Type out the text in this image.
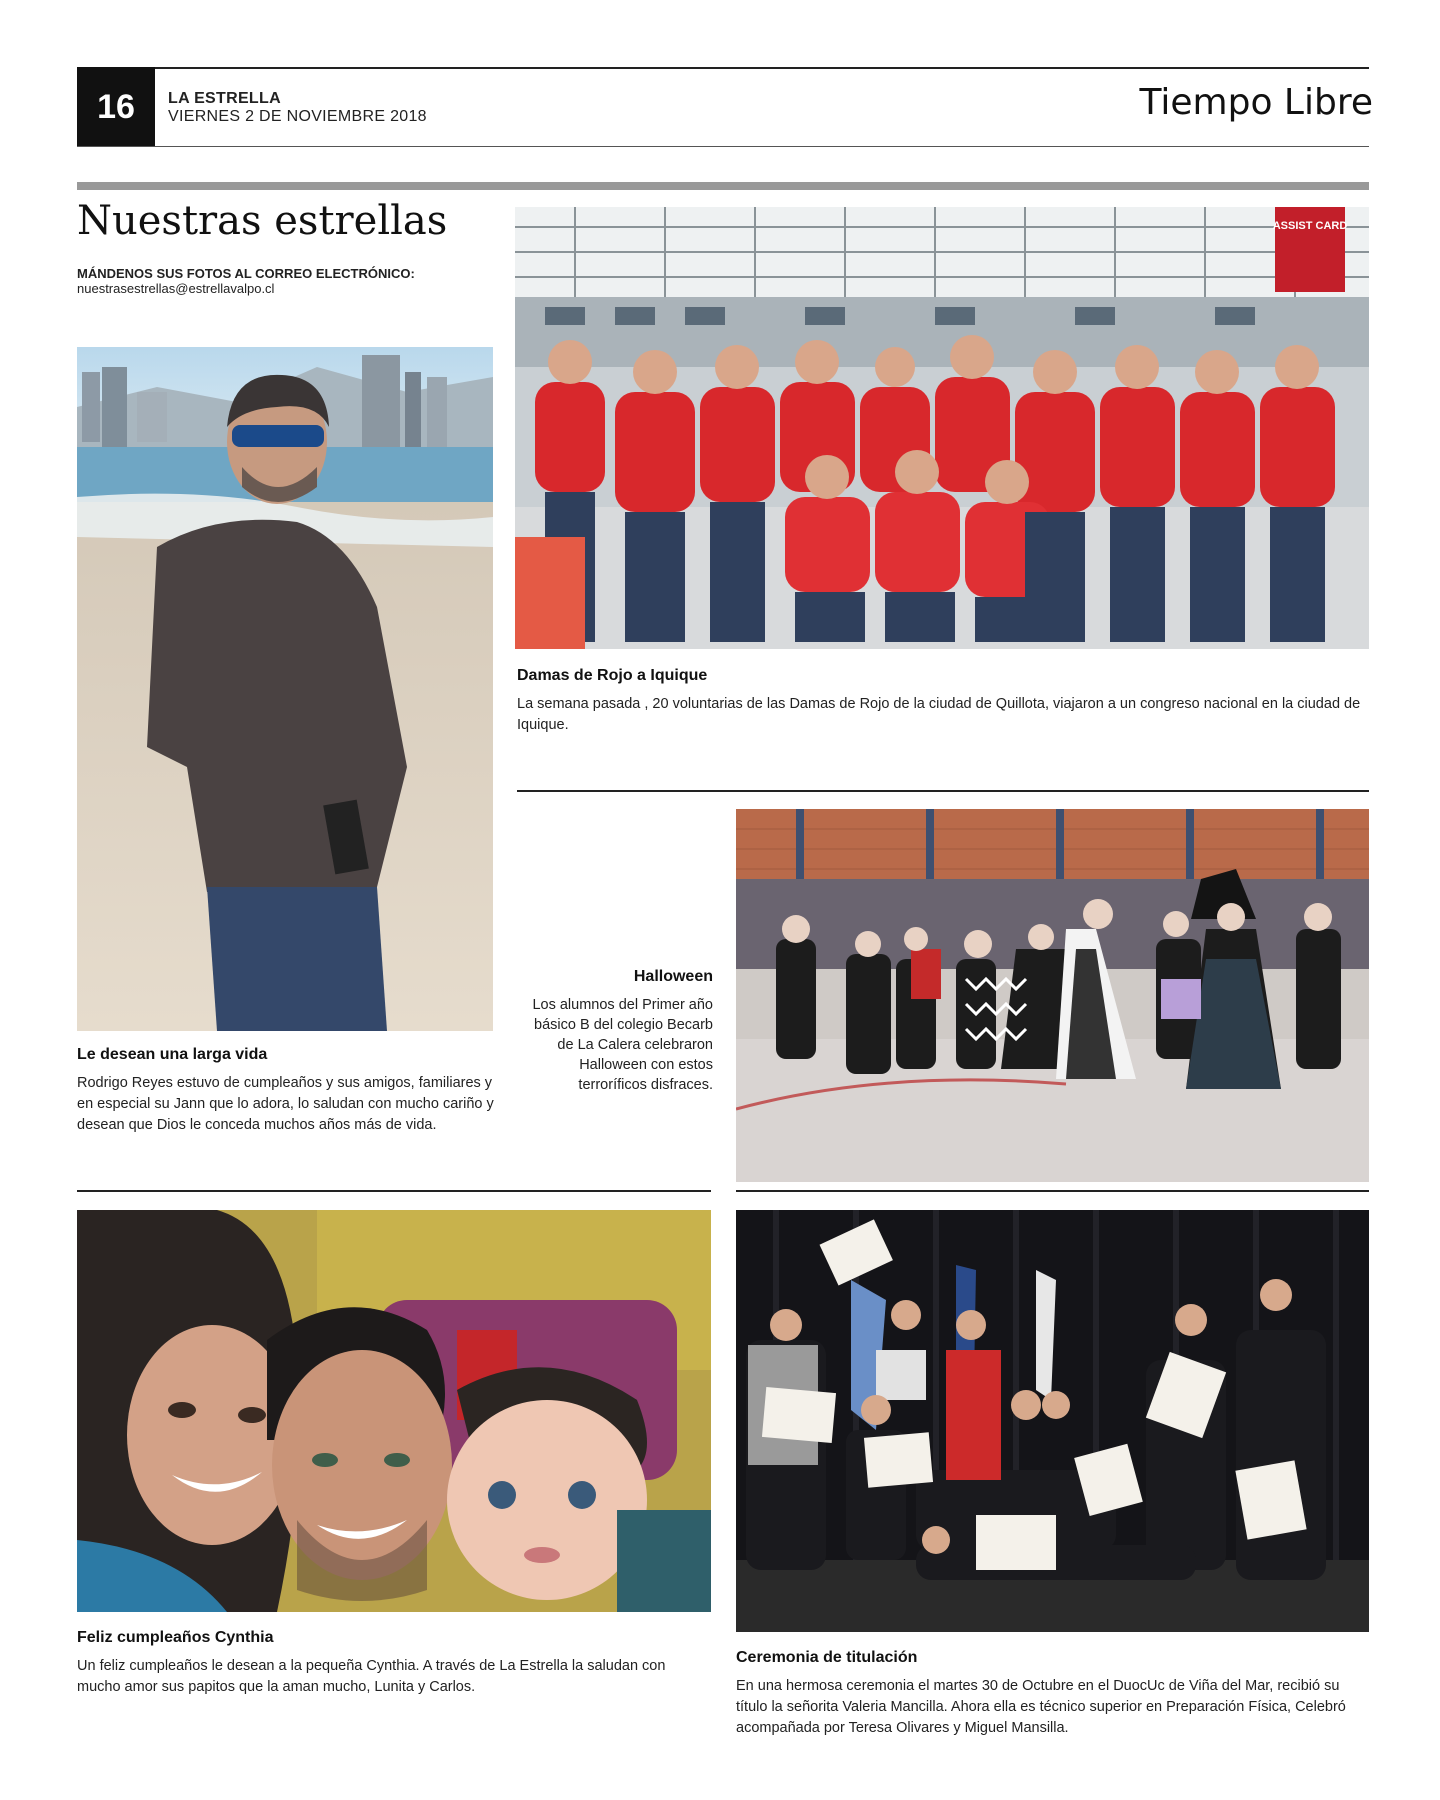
16	LA ESTRELLA
VIERNES 2 DE NOVIEMBRE 2018	Tiempo Libre
Nuestras estrellas
MÁNDENOS SUS FOTOS AL CORREO ELECTRÓNICO:
nuestrasestrellas@estrellavalpo.cl
Le desean una larga vida
Rodrigo Reyes estuvo de cumpleaños y sus amigos, familiares y en especial su Jann que lo adora, lo saludan con mucho cariño y desean que Dios le conceda muchos años más de vida.
ASSIST CARD
Damas de Rojo a Iquique
La semana pasada , 20 voluntarias de las Damas de Rojo de la ciudad de Quillota, viajaron a un congreso nacional en la ciudad de Iquique.
Halloween
Los alumnos del Primer año básico B del colegio Becarb de La Calera celebraron Halloween con estos terroríficos disfraces.
Feliz cumpleaños Cynthia
Un feliz cumpleaños le desean a la pequeña Cynthia. A través de La Estrella la saludan con mucho amor sus papitos que la aman mucho, Lunita y Carlos.
Ceremonia de titulación
En una hermosa ceremonia el martes 30 de Octubre en el DuocUc de Viña del Mar, recibió su título la señorita Valeria Mancilla. Ahora ella es técnico superior en Preparación Física, Celebró acompañada por Teresa Olivares y Miguel Mansilla.
